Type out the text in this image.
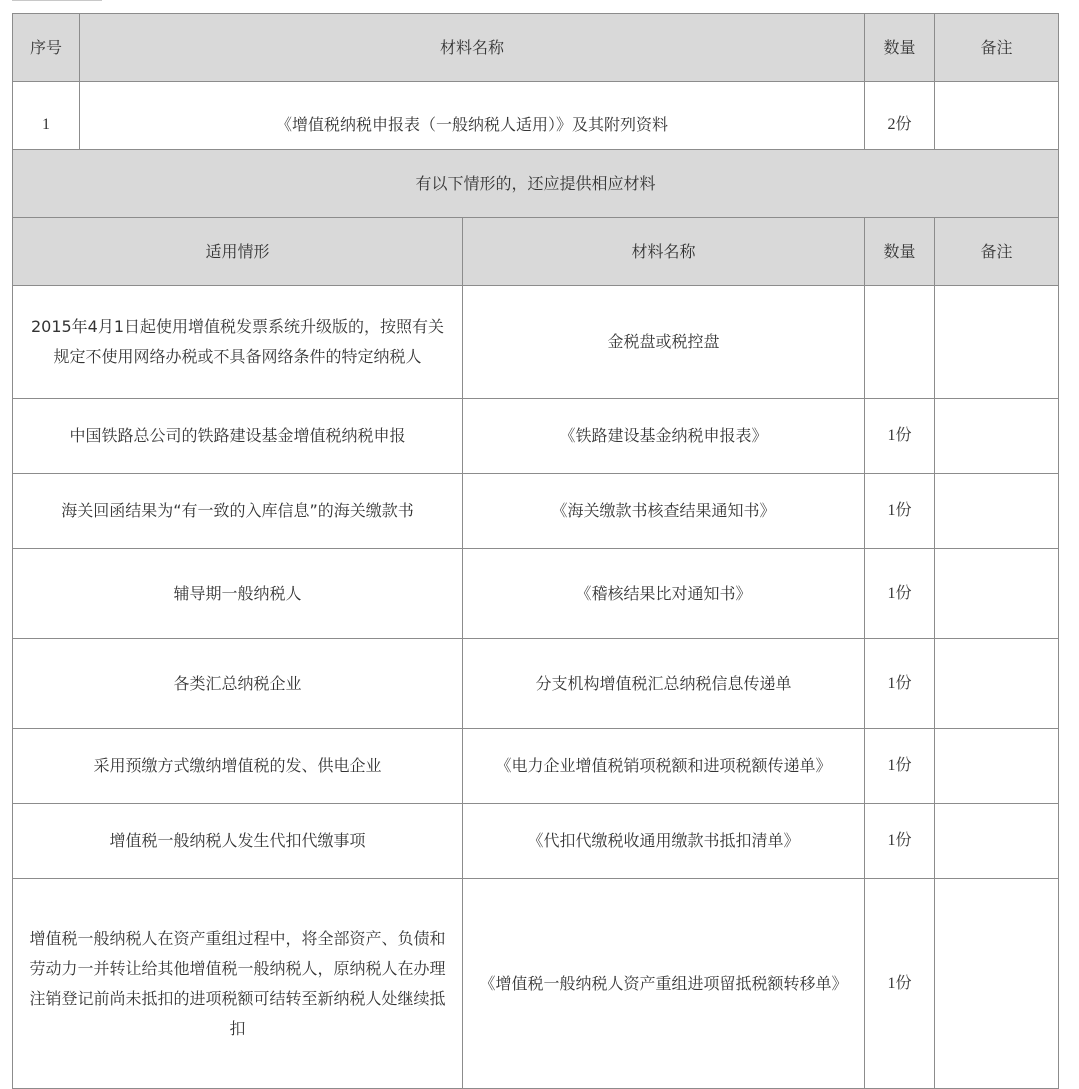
序号	材料名称		数量	备注
1	《增值税纳税申报表（一般纳税人适用）》及其附列资料		2份	
有以下情形的，还应提供相应材料				
适用情形		材料名称	数量	备注
2015年4月1日起使用增值税发票系统升级版的，按照有关规定不使用网络办税或不具备网络条件的特定纳税人		金税盘或税控盘		
中国铁路总公司的铁路建设基金增值税纳税申报		《铁路建设基金纳税申报表》	1份	
海关回函结果为“有一致的入库信息”的海关缴款书		《海关缴款书核查结果通知书》	1份	
辅导期一般纳税人		《稽核结果比对通知书》	1份	
各类汇总纳税企业		分支机构增值税汇总纳税信息传递单	1份	
采用预缴方式缴纳增值税的发、供电企业		《电力企业增值税销项税额和进项税额传递单》	1份	
增值税一般纳税人发生代扣代缴事项		《代扣代缴税收通用缴款书抵扣清单》	1份	
增值税一般纳税人在资产重组过程中，将全部资产、负债和劳动力一并转让给其他增值税一般纳税人，原纳税人在办理注销登记前尚未抵扣的进项税额可结转至新纳税人处继续抵扣		《增值税一般纳税人资产重组进项留抵税额转移单》	1份	
